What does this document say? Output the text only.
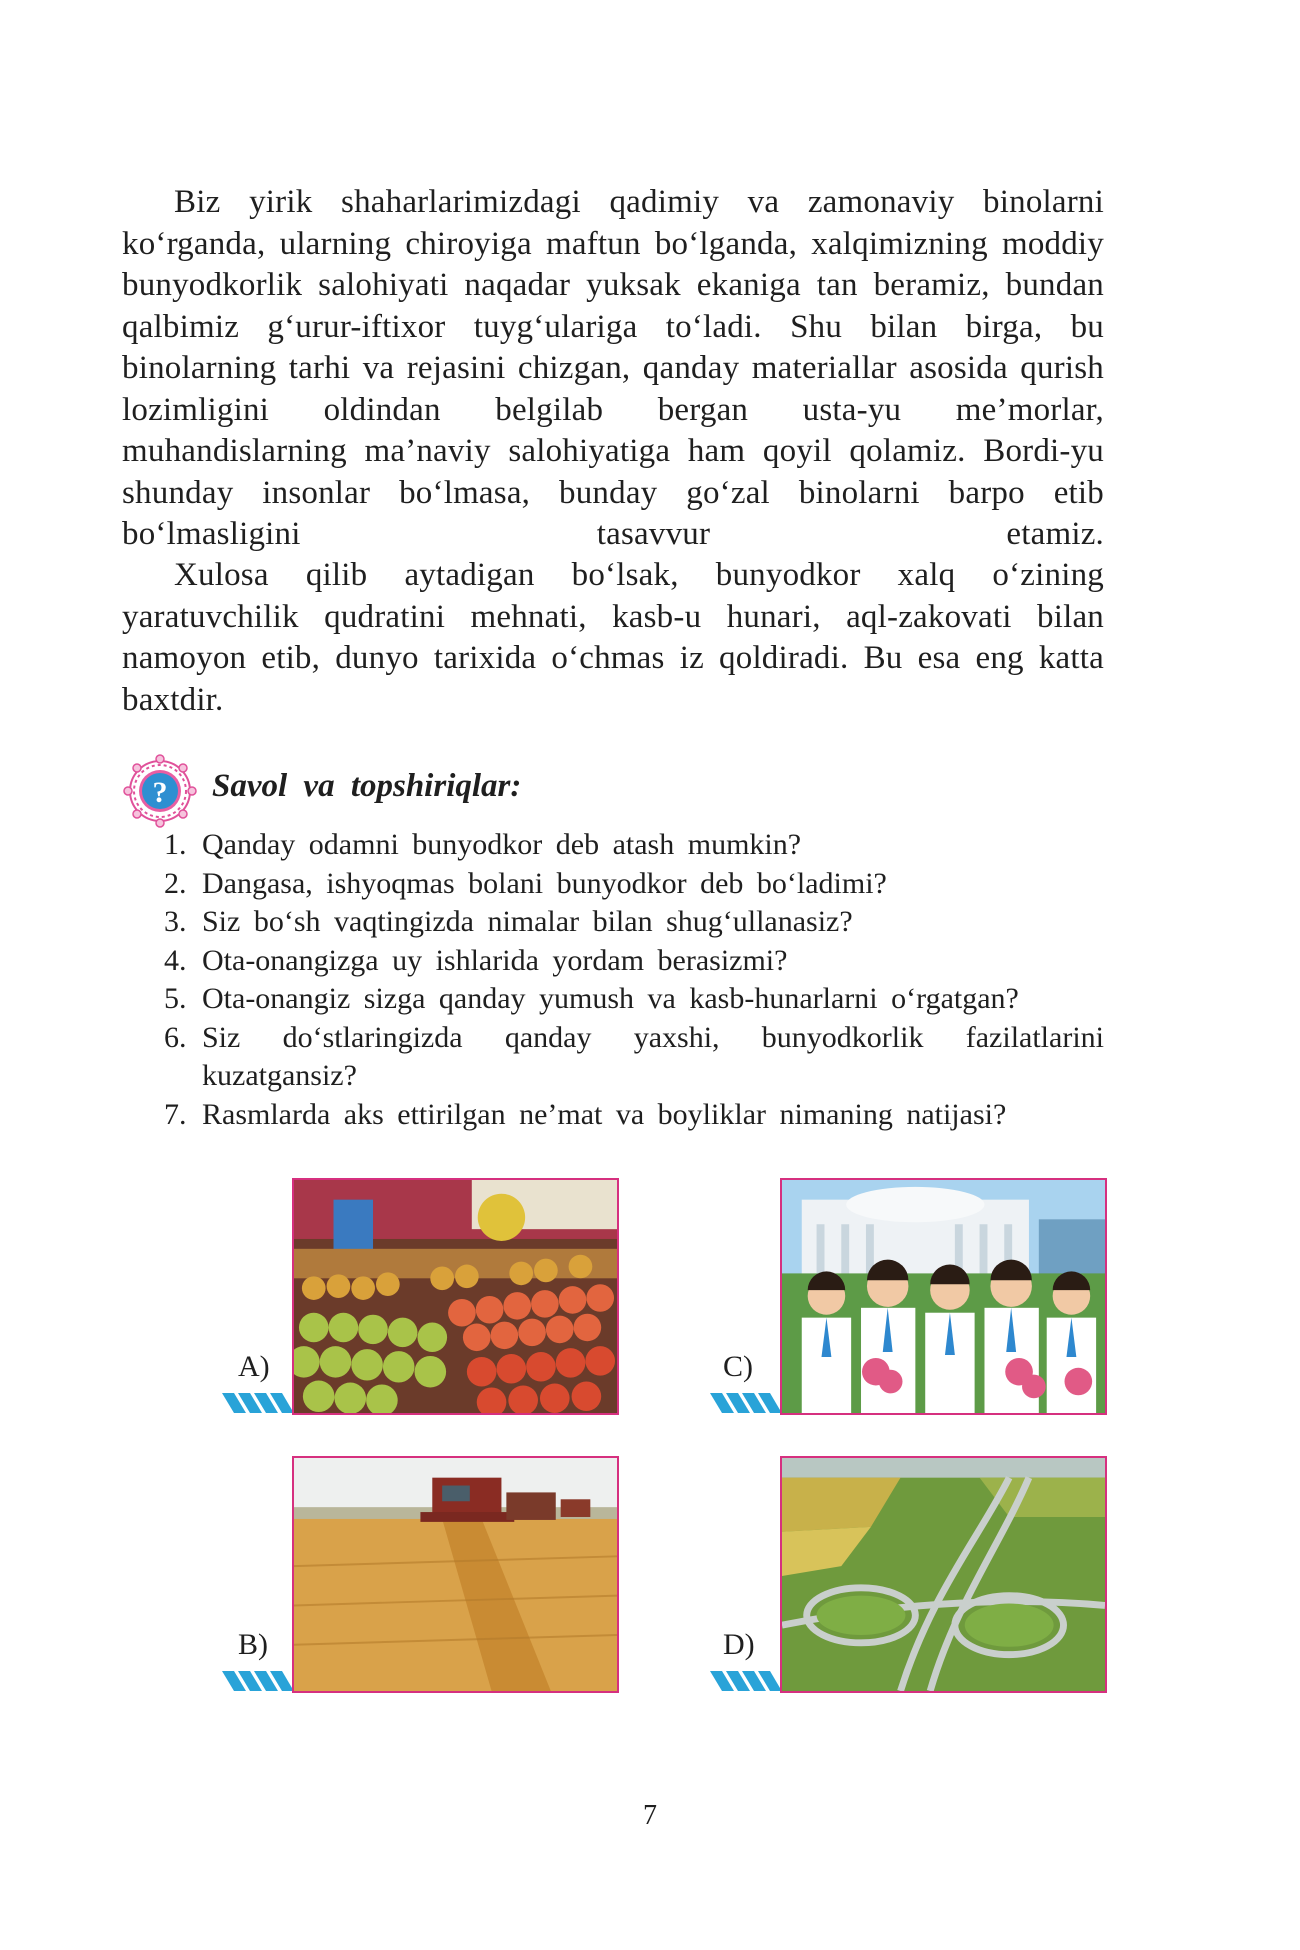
Biz yirik shaharlarimizdagi qadimiy va zamonaviy binolarni ko‘rganda, ularning chiroyiga maftun bo‘lganda, xalqimizning moddiy bunyodkorlik salohiyati naqadar yuksak ekaniga tan beramiz, bundan qalbimiz g‘urur-iftixor tuyg‘ulariga to‘ladi. Shu bilan birga, bu binolarning tarhi va rejasini chizgan, qanday materiallar asosida qurish lozimligini oldindan belgilab bergan usta-yu me’morlar, muhandislarning ma’naviy salohiyatiga ham qoyil qolamiz. Bordi-yu shunday insonlar bo‘lmasa, bunday go‘zal binolarni barpo etib bo‘lmasligini tasavvur etamiz.

Xulosa qilib aytadigan bo‘lsak, bunyodkor xalq o‘zining yaratuvchilik qudratini mehnati, kasb-u hunari, aql-zakovati bilan namoyon etib, dunyo tarixida o‘chmas iz qoldiradi. Bu esa eng katta baxtdir.

? Savol va topshiriqlar:
1. Qanday odamni bunyodkor deb atash mumkin?
2. Dangasa, ishyoqmas bolani bunyodkor deb bo‘ladimi?
3. Siz bo‘sh vaqtingizda nimalar bilan shug‘ullanasiz?
4. Ota-onangizga uy ishlarida yordam berasizmi?
5. Ota-onangiz sizga qanday yumush va kasb-hunarlarni o‘rgatgan?
6. Siz do‘stlaringizda qanday yaxshi, bunyodkorlik fazilatlarini kuzatgansiz?
7. Rasmlarda aks ettirilgan ne’mat va boyliklar nimaning natijasi?
A)	C)
B)	D)
7
